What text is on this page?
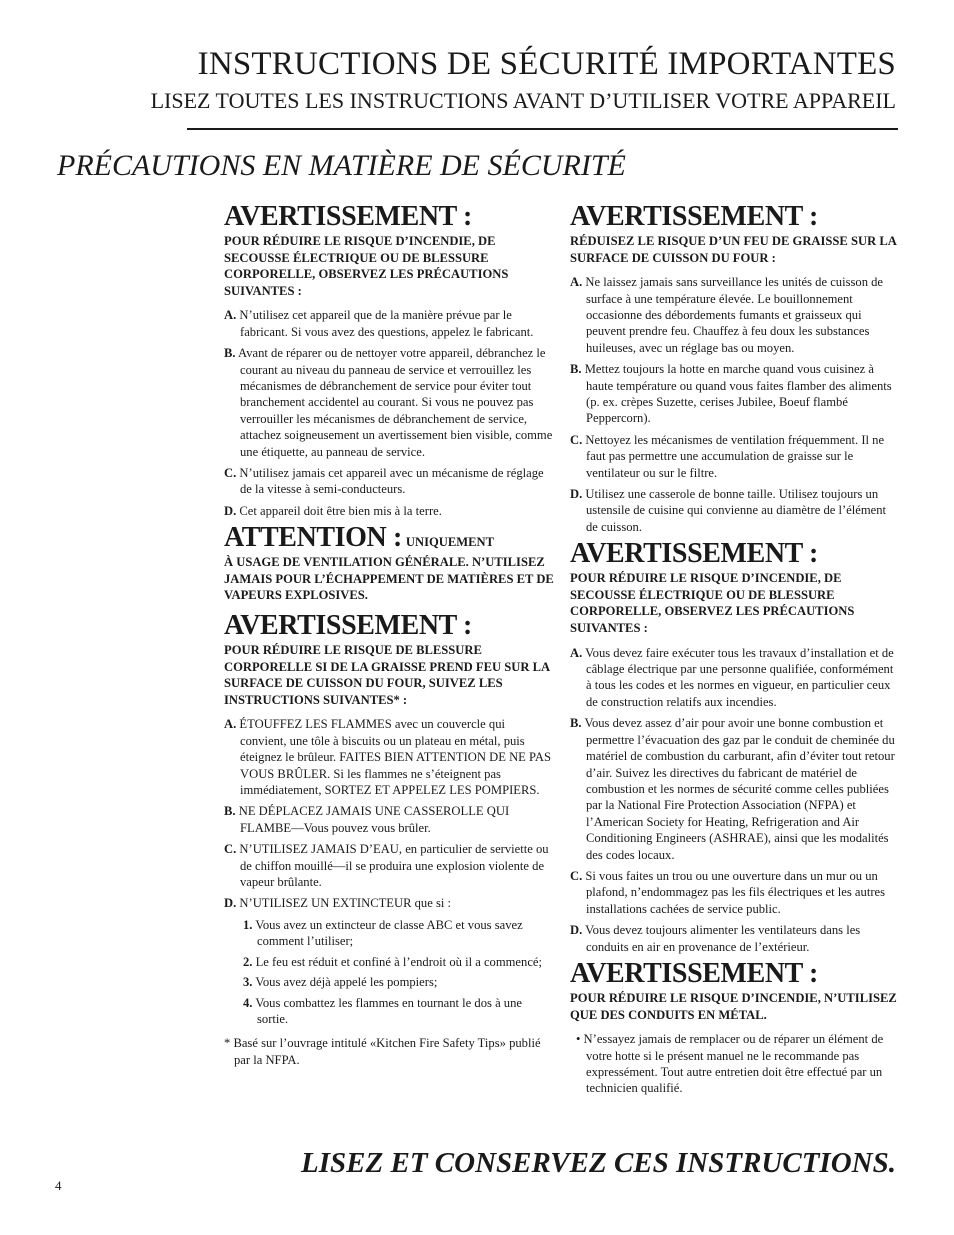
INSTRUCTIONS DE SÉCURITÉ IMPORTANTES
LISEZ TOUTES LES INSTRUCTIONS AVANT D’UTILISER VOTRE APPAREIL
PRÉCAUTIONS EN MATIÈRE DE SÉCURITÉ
AVERTISSEMENT :
POUR RÉDUIRE LE RISQUE D’INCENDIE, DE SECOUSSE ÉLECTRIQUE OU DE BLESSURE CORPORELLE, OBSERVEZ LES PRÉCAUTIONS SUIVANTES :
A. N’utilisez cet appareil que de la manière prévue par le fabricant. Si vous avez des questions, appelez le fabricant.
B. Avant de réparer ou de nettoyer votre appareil, débranchez le courant au niveau du panneau de service et verrouillez les mécanismes de débranchement de service pour éviter tout branchement accidentel au courant. Si vous ne pouvez pas verrouiller les mécanismes de débranchement de service, attachez soigneusement un avertissement bien visible, comme une étiquette, au panneau de service.
C. N’utilisez jamais cet appareil avec un mécanisme de réglage de la vitesse à semi-conducteurs.
D. Cet appareil doit être bien mis à la terre.
ATTENTION : UNIQUEMENT
À USAGE DE VENTILATION GÉNÉRALE. N’UTILISEZ JAMAIS POUR L’ÉCHAPPEMENT DE MATIÈRES ET DE VAPEURS EXPLOSIVES.
AVERTISSEMENT :
POUR RÉDUIRE LE RISQUE DE BLESSURE CORPORELLE SI DE LA GRAISSE PREND FEU SUR LA SURFACE DE CUISSON DU FOUR, SUIVEZ LES INSTRUCTIONS SUIVANTES* :
A. ÉTOUFFEZ LES FLAMMES avec un couvercle qui convient, une tôle à biscuits ou un plateau en métal, puis éteignez le brûleur. FAITES BIEN ATTENTION DE NE PAS VOUS BRÛLER. Si les flammes ne s’éteignent pas immédiatement, SORTEZ ET APPELEZ LES POMPIERS.
B. NE DÉPLACEZ JAMAIS UNE CASSEROLLE QUI FLAMBE—Vous pouvez vous brûler.
C. N’UTILISEZ JAMAIS D’EAU, en particulier de serviette ou de chiffon mouillé—il se produira une explosion violente de vapeur brûlante.
D. N’UTILISEZ UN EXTINCTEUR que si :
1. Vous avez un extincteur de classe ABC et vous savez comment l’utiliser;
2. Le feu est réduit et confiné à l’endroit où il a commencé;
3. Vous avez déjà appelé les pompiers;
4. Vous combattez les flammes en tournant le dos à une sortie.
* Basé sur l’ouvrage intitulé «Kitchen Fire Safety Tips» publié par la NFPA.
AVERTISSEMENT :
RÉDUISEZ LE RISQUE D’UN FEU DE GRAISSE SUR LA SURFACE DE CUISSON DU FOUR :
A. Ne laissez jamais sans surveillance les unités de cuisson de surface à une température élevée. Le bouillonnement occasionne des débordements fumants et graisseux qui peuvent prendre feu. Chauffez à feu doux les substances huileuses, avec un réglage bas ou moyen.
B. Mettez toujours la hotte en marche quand vous cuisinez à haute température ou quand vous faites flamber des aliments (p. ex. crèpes Suzette, cerises Jubilee, Boeuf flambé Peppercorn).
C. Nettoyez les mécanismes de ventilation fréquemment. Il ne faut pas permettre une accumulation de graisse sur le ventilateur ou sur le filtre.
D. Utilisez une casserole de bonne taille. Utilisez toujours un ustensile de cuisine qui convienne au diamètre de l’élément de cuisson.
AVERTISSEMENT :
POUR RÉDUIRE LE RISQUE D’INCENDIE, DE SECOUSSE ÉLECTRIQUE OU DE BLESSURE CORPORELLE, OBSERVEZ LES PRÉCAUTIONS SUIVANTES :
A. Vous devez faire exécuter tous les travaux d’installation et de câblage électrique par une personne qualifiée, conformément à tous les codes et les normes en vigueur, en particulier ceux de construction relatifs aux incendies.
B. Vous devez assez d’air pour avoir une bonne combustion et permettre l’évacuation des gaz par le conduit de cheminée du matériel de combustion du carburant, afin d’éviter tout retour d’air. Suivez les directives du fabricant de matériel de combustion et les normes de sécurité comme celles publiées par la National Fire Protection Association (NFPA) et l’American Society for Heating, Refrigeration and Air Conditioning Engineers (ASHRAE), ainsi que les modalités des codes locaux.
C. Si vous faites un trou ou une ouverture dans un mur ou un plafond, n’endommagez pas les fils électriques et les autres installations cachées de service public.
D. Vous devez toujours alimenter les ventilateurs dans les conduits en air en provenance de l’extérieur.
AVERTISSEMENT :
POUR RÉDUIRE LE RISQUE D’INCENDIE, N’UTILISEZ QUE DES CONDUITS EN MÉTAL.
• N’essayez jamais de remplacer ou de réparer un élément de votre hotte si le présent manuel ne le recommande pas expressément. Tout autre entretien doit être effectué par un technicien qualifié.
LISEZ ET CONSERVEZ CES INSTRUCTIONS.
4
